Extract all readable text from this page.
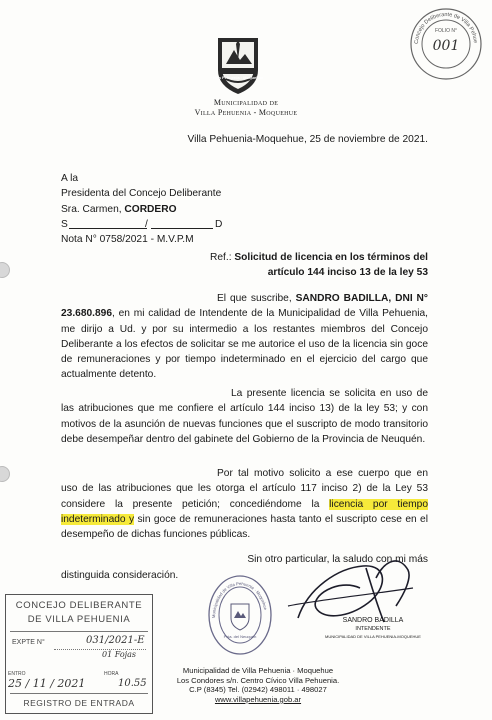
Villa Pehuenia · Moquehue
Municipalidad de
Villa Pehuenia - Moquehue
Concejo Deliberante de Villa Pehue
FOLIO N°
001
Villa Pehuenia-Moquehue, 25 de noviembre de 2021.
A la
Presidenta del Concejo Deliberante
Sra. Carmen, CORDERO
S	/	D
Nota N° 0758/2021 - M.V.P.M
Ref.: Solicitud de licencia en los términos del
artículo 144 inciso 13 de la ley 53
El que suscribe, SANDRO BADILLA, DNI N° 23.680.896, en mi calidad de Intendente de la Municipalidad de Villa Pehuenia, me dirijo a Ud. y por su intermedio a los restantes miembros del Concejo Deliberante a los efectos de solicitar se me autorice el uso de la licencia sin goce de remuneraciones y por tiempo indeterminado en el ejercicio del cargo que actualmente detento.
La presente licencia se solicita en uso de las atribuciones que me confiere el artículo 144 inciso 13) de la ley 53; y con motivos de la asunción de nuevas funciones que el suscripto de modo transitorio debe desempeñar dentro del gabinete del Gobierno de la Provincia de Neuquén.
Por tal motivo solicito a ese cuerpo que en uso de las atribuciones que les otorga el artículo 117 inciso 2) de la Ley 53 considere la presente petición; concediéndome la licencia por tiempo indeterminado y sin goce de remuneraciones hasta tanto el suscripto cese en el desempeño de dichas funciones públicas.
Sin otro particular, la saludo con mi más
distinguida consideración.
SANDRO BADILLA
INTENDENTE
MUNICIPALIDAD DE VILLA PEHUENIA-MOQUEHUE
Municipalidad de Villa Pehuenia · Moquehue
Pcia. del Neuquén
CONCEJO DELIBERANTE
DE VILLA PEHUENIA
EXPTE N°	031/2021-E
01 Fojas
ENTRO
25 / 11 / 2021
HORA
10.55
REGISTRO DE ENTRADA
Municipalidad de Villa Pehuenia · Moquehue
Los Condores s/n. Centro Cívico Villa Pehuenia.
C.P (8345) Tel. (02942) 498011 · 498027
www.villapehuenia.gob.ar
